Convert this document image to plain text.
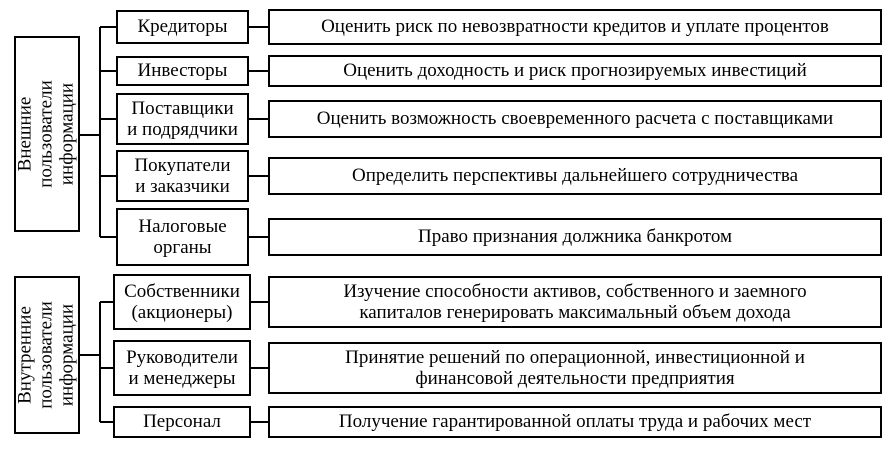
Внешние
пользователи
информации
Кредиторы
Инвесторы
Поставщики
и подрядчики
Покупатели
и заказчики
Налоговые
органы
Оценить риск по невозвратности кредитов и уплате процентов
Оценить доходность и риск прогнозируемых инвестиций
Оценить возможность своевременного расчета с поставщиками
Определить перспективы дальнейшего сотрудничества
Право признания должника банкротом
Внутренние
пользователи
информации
Собственники
(акционеры)
Руководители
и менеджеры
Персонал
Изучение способности активов, собственного и заемного
капиталов генерировать максимальный объем дохода
Принятие решений по операционной, инвестиционной и
финансовой деятельности предприятия
Получение гарантированной оплаты труда и рабочих мест
